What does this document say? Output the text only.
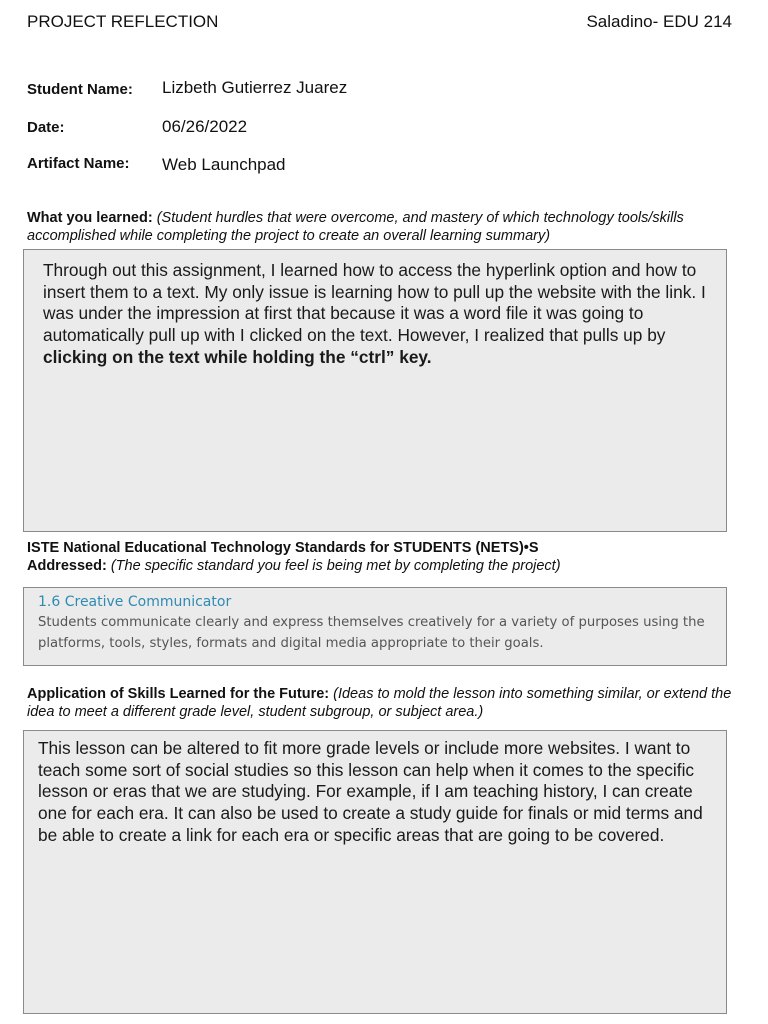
PROJECT REFLECTION	Saladino- EDU 214
Student Name: Lizbeth Gutierrez Juarez
Date:	06/26/2022
Artifact Name: Web Launchpad
What you learned: (Student hurdles that were overcome, and mastery of which technology tools/skills accomplished while completing the project to create an overall learning summary)
Through out this assignment, I learned how to access the hyperlink option and how to insert them to a text. My only issue is learning how to pull up the website with the link. I was under the impression at first that because it was a word file it was going to automatically pull up with I clicked on the text. However, I realized that pulls up by clicking on the text while holding the “ctrl” key.
ISTE National Educational Technology Standards for STUDENTS (NETS)•S
Addressed: (The specific standard you feel is being met by completing the project)
1.6 Creative Communicator
Students communicate clearly and express themselves creatively for a variety of purposes using the platforms, tools, styles, formats and digital media appropriate to their goals.
Application of Skills Learned for the Future: (Ideas to mold the lesson into something similar, or extend the idea to meet a different grade level, student subgroup, or subject area.)
This lesson can be altered to fit more grade levels or include more websites. I want to teach some sort of social studies so this lesson can help when it comes to the specific lesson or eras that we are studying. For example, if I am teaching history, I can create one for each era. It can also be used to create a study guide for finals or mid terms and be able to create a link for each era or specific areas that are going to be covered.
